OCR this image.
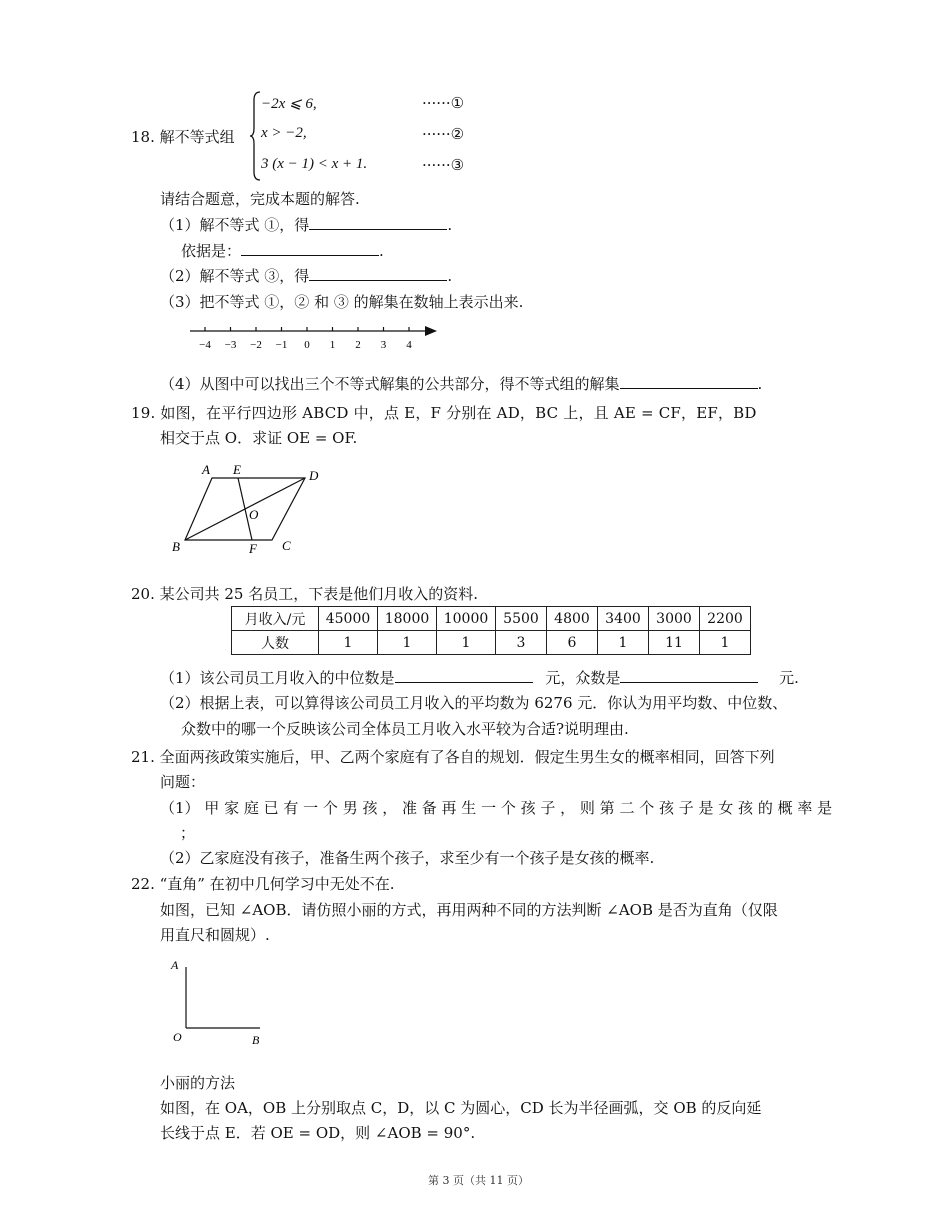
18. 解不等式组
−2x ⩽ 6,
x > −2,
3 (x − 1) < x + 1.
······①
······②
······③
请结合题意，完成本题的解答.
（1）解不等式 ①，得	.
依据是：	.
（2）解不等式 ③，得	.
（3）把不等式 ①，② 和 ③ 的解集在数轴上表示出来.
−4 −3 −2 −1 0 1 2 3 4
（4）从图中可以找出三个不等式解集的公共部分，得不等式组的解集	.
19. 如图，在平行四边形 ABCD 中，点 E，F 分别在 AD，BC 上，且 AE = CF，EF，BD
相交于点 O．求证 OE = OF.
A E	D
O
B	F C
20. 某公司共 25 名员工，下表是他们月收入的资料.
月收入/元	45000	18000	10000	5500	4800	3400	3000	2200
人数	1	1	1	3	6	1	11	1
（1）该公司员工月收入的中位数是	元，众数是	元.
（2）根据上表，可以算得该公司员工月收入的平均数为 6276 元．你认为用平均数、中位数、
众数中的哪一个反映该公司全体员工月收入水平较为合适?说明理由.
21. 全面两孩政策实施后，甲、乙两个家庭有了各自的规划．假定生男生女的概率相同，回答下列
问题：
（1） 甲 家 庭 已 有 一 个 男 孩 ， 准 备 再 生 一 个 孩 子 ， 则 第 二 个 孩 子 是 女 孩 的 概 率 是
；
（2）乙家庭没有孩子，准备生两个孩子，求至少有一个孩子是女孩的概率.
22. “直角” 在初中几何学习中无处不在.
如图，已知 ∠AOB．请仿照小丽的方式，再用两种不同的方法判断 ∠AOB 是否为直角（仅限
用直尺和圆规）.
A
O	B
小丽的方法
如图，在 OA，OB 上分别取点 C，D，以 C 为圆心，CD 长为半径画弧，交 OB 的反向延
长线于点 E．若 OE = OD，则 ∠AOB = 90°.
第 3 页（共 11 页）
